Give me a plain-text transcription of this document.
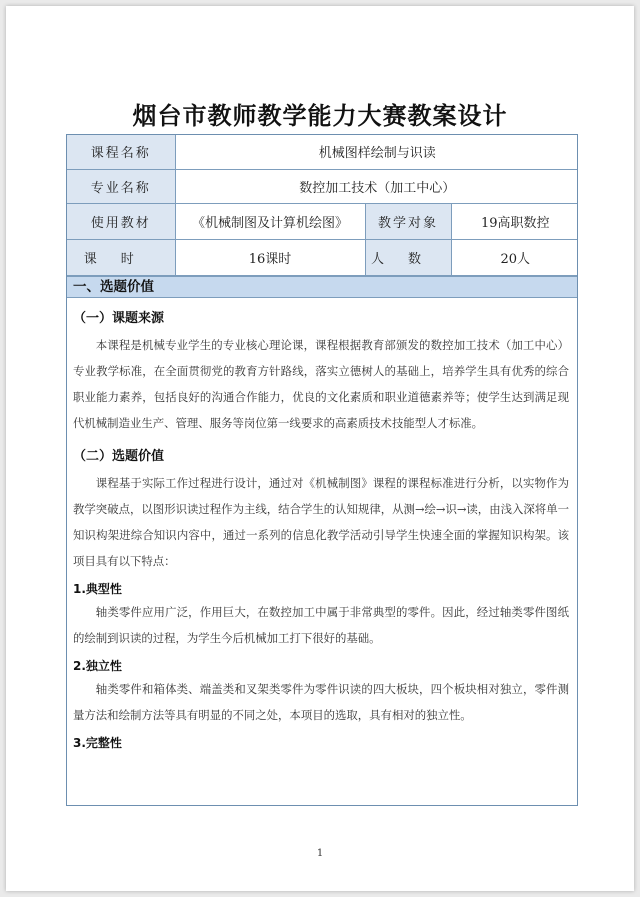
烟台市教师教学能力大赛教案设计
课程名称	机械图样绘制与识读		
专业名称	数控加工技术（加工中心）		
使用教材	《机械制图及计算机绘图》	教学对象	19高职数控
课时	16课时	人数	20人
一、选题价值
（一）课题来源

本课程是机械专业学生的专业核心理论课，课程根据教育部颁发的数控加工技术（加工中心）专业教学标准，在全面贯彻党的教育方针路线，落实立德树人的基础上，培养学生具有优秀的综合职业能力素养，包括良好的沟通合作能力，优良的文化素质和职业道德素养等；使学生达到满足现代机械制造业生产、管理、服务等岗位第一线要求的高素质技术技能型人才标准。

（二）选题价值

课程基于实际工作过程进行设计，通过对《机械制图》课程的课程标准进行分析，以实物作为教学突破点，以图形识读过程作为主线，结合学生的认知规律，从测→绘→识→读，由浅入深将单一知识构架进综合知识内容中，通过一系列的信息化教学活动引导学生快速全面的掌握知识构架。该项目具有以下特点：

1.典型性

轴类零件应用广泛，作用巨大，在数控加工中属于非常典型的零件。因此，经过轴类零件图纸的绘制到识读的过程，为学生今后机械加工打下很好的基础。

2.独立性

轴类零件和箱体类、端盖类和叉架类零件为零件识读的四大板块，四个板块相对独立，零件测量方法和绘制方法等具有明显的不同之处，本项目的选取，具有相对的独立性。

3.完整性
1
